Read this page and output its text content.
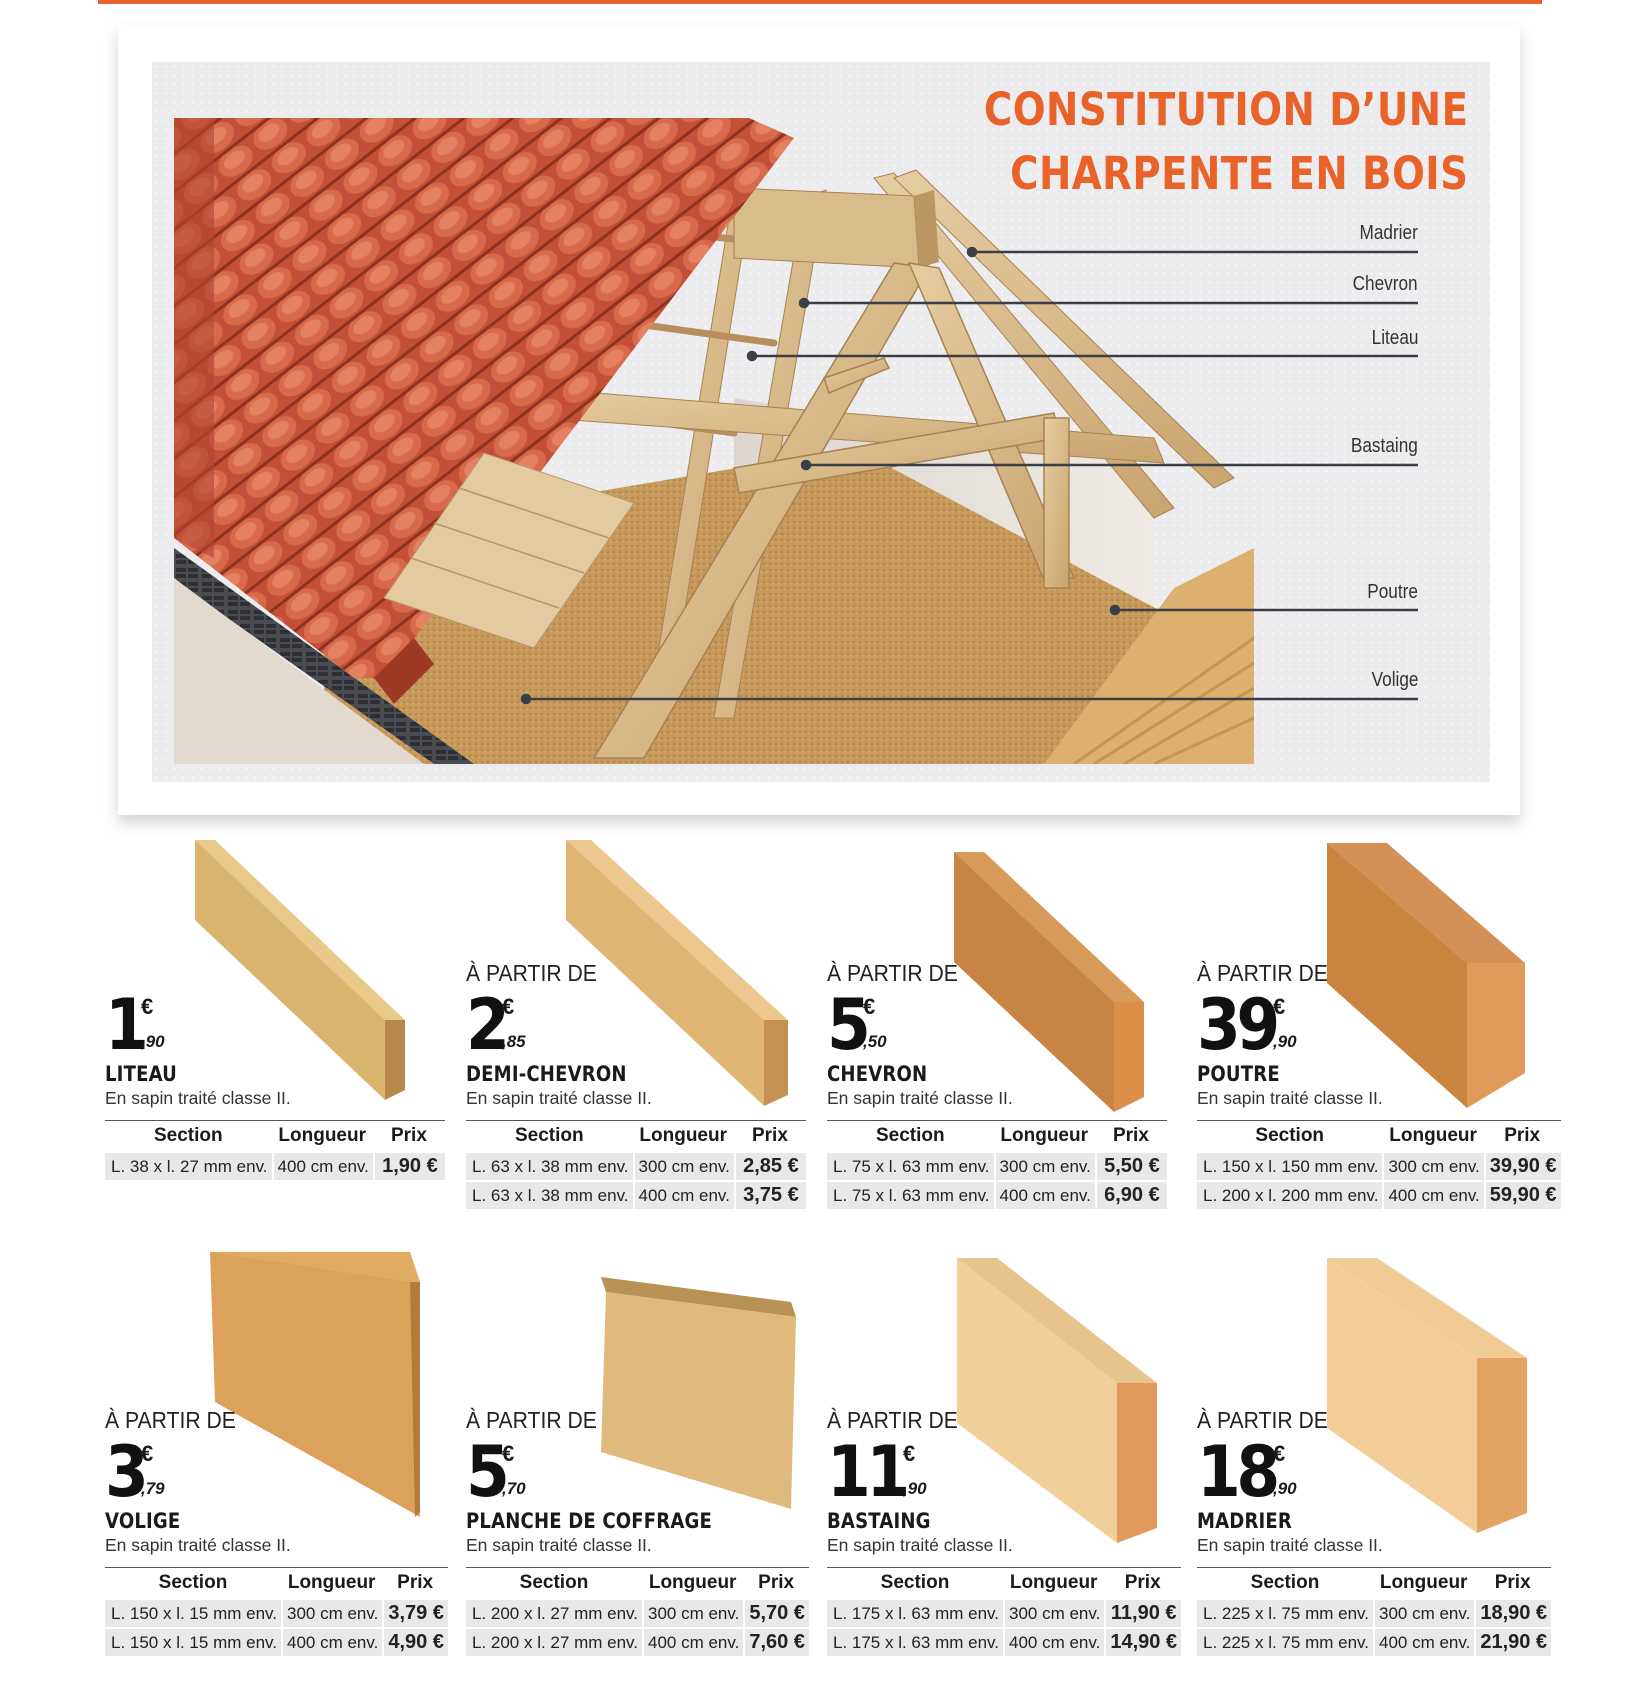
CONSTITUTION D’UNE
CHARPENTE EN BOIS
Madrier
Chevron
Liteau
Bastaing
Poutre
Volige
1
€
,90
LITEAU
En sapin traité classe II.
Section	Longueur	Prix
L. 38 x l. 27 mm env.	400 cm env.	1,90 €
À PARTIR DE
2
€
,85
DEMI-CHEVRON
En sapin traité classe II.
Section	Longueur	Prix
L. 63 x l. 38 mm env.	300 cm env.	2,85 €
L. 63 x l. 38 mm env.	400 cm env.	3,75 €
À PARTIR DE
5
€
,50
CHEVRON
En sapin traité classe II.
Section	Longueur	Prix
L. 75 x l. 63 mm env.	300 cm env.	5,50 €
L. 75 x l. 63 mm env.	400 cm env.	6,90 €
À PARTIR DE
39
€
,90
POUTRE
En sapin traité classe II.
Section	Longueur	Prix
L. 150 x l. 150 mm env.	300 cm env.	39,90 €
L. 200 x l. 200 mm env.	400 cm env.	59,90 €
À PARTIR DE
3
€
,79
VOLIGE
En sapin traité classe II.
Section	Longueur	Prix
L. 150 x l. 15 mm env.	300 cm env.	3,79 €
L. 150 x l. 15 mm env.	400 cm env.	4,90 €
À PARTIR DE
5
€
,70
PLANCHE DE COFFRAGE
En sapin traité classe II.
Section	Longueur	Prix
L. 200 x l. 27 mm env.	300 cm env.	5,70 €
L. 200 x l. 27 mm env.	400 cm env.	7,60 €
À PARTIR DE
11
€
,90
BASTAING
En sapin traité classe II.
Section	Longueur	Prix
L. 175 x l. 63 mm env.	300 cm env.	11,90 €
L. 175 x l. 63 mm env.	400 cm env.	14,90 €
À PARTIR DE
18
€
,90
MADRIER
En sapin traité classe II.
Section	Longueur	Prix
L. 225 x l. 75 mm env.	300 cm env.	18,90 €
L. 225 x l. 75 mm env.	400 cm env.	21,90 €
